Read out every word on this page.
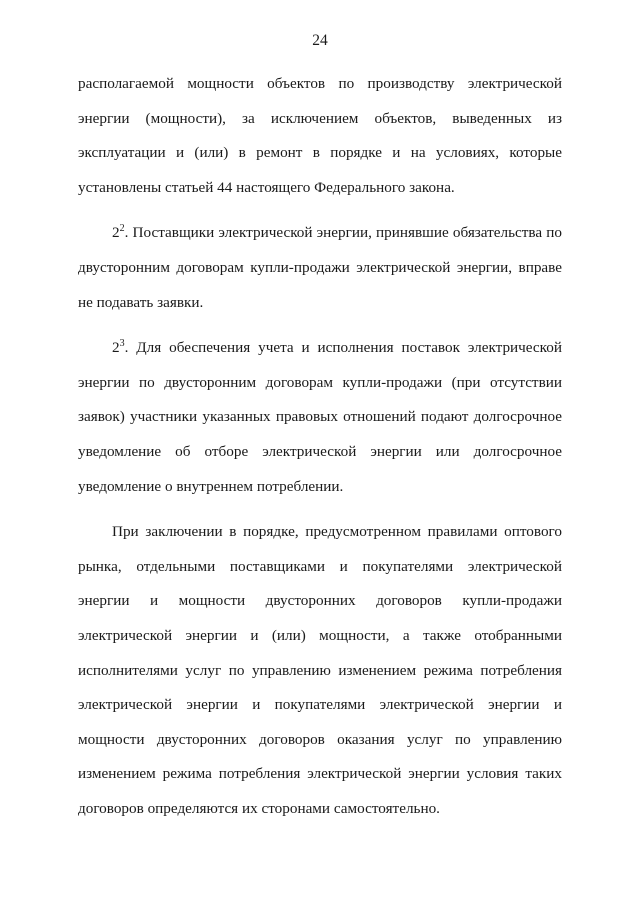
24

располагаемой мощности объектов по производству электрической энергии (мощности), за исключением объектов, выведенных из эксплуатации и (или) в ремонт в порядке и на условиях, которые установлены статьей 44 настоящего Федерального закона.

$2^2$. Поставщики электрической энергии, принявшие обязательства по двусторонним договорам купли-продажи электрической энергии, вправе не подавать заявки.

$2^3$. Для обеспечения учета и исполнения поставок электрической энергии по двусторонним договорам купли-продажи (при отсутствии заявок) участники указанных правовых отношений подают долгосрочное уведомление об отборе электрической энергии или долгосрочное уведомление о внутреннем потреблении.

При заключении в порядке, предусмотренном правилами оптового рынка, отдельными поставщиками и покупателями электрической энергии и мощности двусторонних договоров купли-продажи электрической энергии и (или) мощности, а также отобранными исполнителями услуг по управлению изменением режима потребления электрической энергии и покупателями электрической энергии и мощности двусторонних договоров оказания услуг по управлению изменением режима потребления электрической энергии условия таких договоров определяются их сторонами самостоятельно.
